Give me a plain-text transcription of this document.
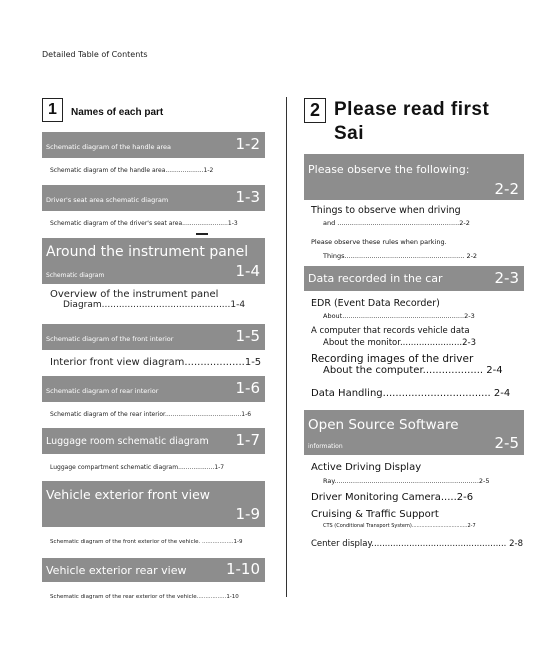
Detailed Table of Contents
1	Names of each part
Schematic diagram of the handle area	1-2
Schematic diagram of the handle area....................1-2
Driver's seat area schematic diagram	1-3
Schematic diagram of the driver's seat area........................1-3
Around the instrument panel
Schematic diagram	1-4
Overview of the instrument panel
Diagram.............................................1-4
Schematic diagram of the front interior	1-5
Interior front view diagram...................1-5
Schematic diagram of rear interior	1-6
Schematic diagram of the rear interior........................................1-6
Luggage room schematic diagram 1-7
Luggage compartment schematic diagram...................1-7
Vehicle exterior front view
1-9
Schematic diagram of the front exterior of the vehicle. ..................1-9
Vehicle exterior rear view	1-10
Schematic diagram of the rear exterior of the vehicle.................1-10
2 Please read first
Sai
Please observe the following:
2-2
Things to observe when driving
and ...........................................................2-2
Please observe these rules when parking.
Things.......................................................... 2-2
Data recorded in the car	2-3
EDR (Event Data Recorder)
About...........................................................2-3
A computer that records vehicle data
About the monitor.......................2-3
Recording images of the driver
About the computer................... 2-4
Data Handling.................................. 2-4
Open Source Software
information	2-5
Active Driving Display
Ray......................................................................2-5
Driver Monitoring Camera.....2-6
Cruising & Traffic Support
CTS (Conditional Transport System)...................................2-7
Center display.................................................. 2-8
